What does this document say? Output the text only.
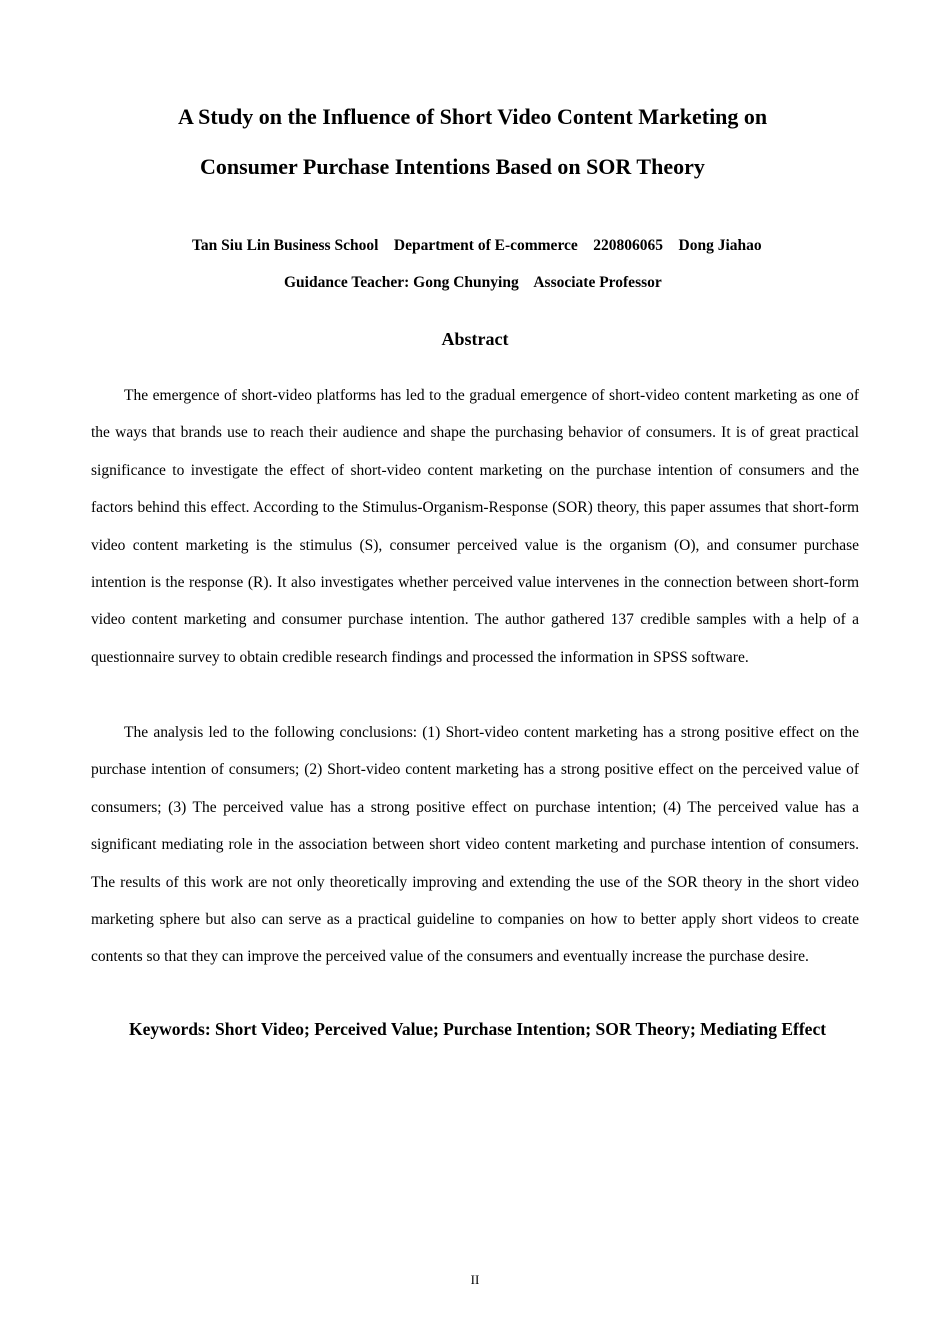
A Study on the Influence of Short Video Content Marketing on
Consumer Purchase Intentions Based on SOR Theory
Tan Siu Lin Business School    Department of E-commerce    220806065    Dong Jiahao
Guidance Teacher: Gong Chunying    Associate Professor
Abstract

The emergence of short-video platforms has led to the gradual emergence of short-video content marketing as one of the ways that brands use to reach their audience and shape the purchasing behavior of consumers. It is of great practical significance to investigate the effect of short-video content marketing on the purchase intention of consumers and the factors behind this effect. According to the Stimulus-Organism-Response (SOR) theory, this paper assumes that short-form video content marketing is the stimulus (S), consumer perceived value is the organism (O), and consumer purchase intention is the response (R). It also investigates whether perceived value intervenes in the connection between short-form video content marketing and consumer purchase intention. The author gathered 137 credible samples with a help of a questionnaire survey to obtain credible research findings and processed the information in SPSS software.

The analysis led to the following conclusions: (1) Short-video content marketing has a strong positive effect on the purchase intention of consumers; (2) Short-video content marketing has a strong positive effect on the perceived value of consumers; (3) The perceived value has a strong positive effect on purchase intention; (4) The perceived value has a significant mediating role in the association between short video content marketing and purchase intention of consumers. The results of this work are not only theoretically improving and extending the use of the SOR theory in the short video marketing sphere but also can serve as a practical guideline to companies on how to better apply short videos to create contents so that they can improve the perceived value of the consumers and eventually increase the purchase desire.

Keywords: Short Video; Perceived Value; Purchase Intention; SOR Theory; Mediating Effect

II
